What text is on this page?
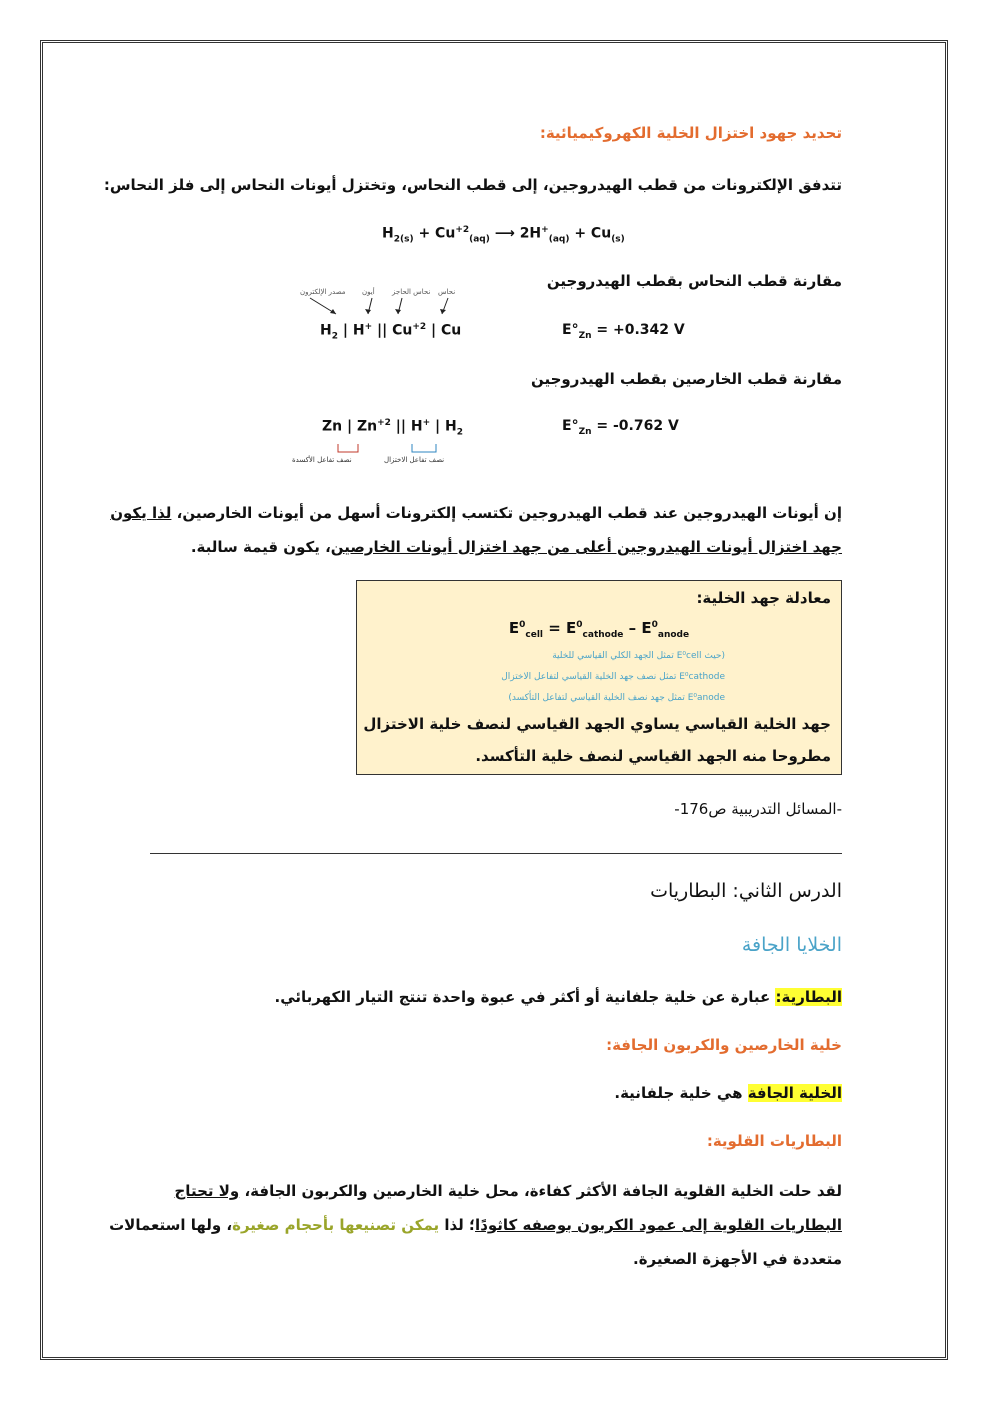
تحديد جهود اختزال الخلية الكهروكيميائية:
تتدفق الإلكترونات من قطب الهيدروجين، إلى قطب النحاس، وتختزل أيونات النحاس إلى فلز النحاس:
$H_{2(s)} + Cu^{+2}_{(aq)}$ ⟶ $2H^+_{(aq)} + Cu_{(s)}$
مقارنة قطب النحاس بقطب الهيدروجين
مصدر الإلكترون أيون نحاس الحاجز نحاس
$H_2$ | H+ || $Cu^{+2}$ | Cu	$E^\circ_{Zn} = +0.342$ V
مقارنة قطب الخارصين بقطب الهيدروجين
Zn | $Zn^{+2}$ || H+ | $H_2$
نصف تفاعل الأكسدة	نصف تفاعل الاختزال
$E^\circ_{Zn} = -0.762$ V
إن أيونات الهيدروجين عند قطب الهيدروجين تكتسب إلكترونات أسهل من أيونات الخارصين، لذا يكون
جهد اختزال أيونات الهيدروجين أعلى من جهد اختزال أيونات الخارصين، يكون قيمة سالبة.
معادلة جهد الخلية:
$E^0_{cell} = E^0_{cathode} - E^0_{anode}$
(حيث E⁰cell تمثل الجهد الكلي القياسي للخلية
E⁰cathode تمثل نصف جهد الخلية القياسي لتفاعل الاختزال
E⁰anode تمثل جهد نصف الخلية القياسي لتفاعل التأكسد)
جهد الخلية القياسي يساوي الجهد القياسي لنصف خلية الاختزال
مطروحا منه الجهد القياسي لنصف خلية التأكسد.
-المسائل التدريبية ص176-
الدرس الثاني: البطاريات
الخلايا الجافة
البطارية: عبارة عن خلية جلفانية أو أكثر في عبوة واحدة تنتج التيار الكهربائي.
خلية الخارصين والكربون الجافة:
الخلية الجافة هي خلية جلفانية.
البطاريات القلوية:
لقد حلت الخلية القلوية الجافة الأكثر كفاءة، محل خلية الخارصين والكربون الجافة، ولا تحتاج
البطاريات القلوية إلى عمود الكربون بوصفه كاثودًا؛ لذا يمكن تصنيعها بأحجام صغيرة، ولها استعمالات
متعددة في الأجهزة الصغيرة.
